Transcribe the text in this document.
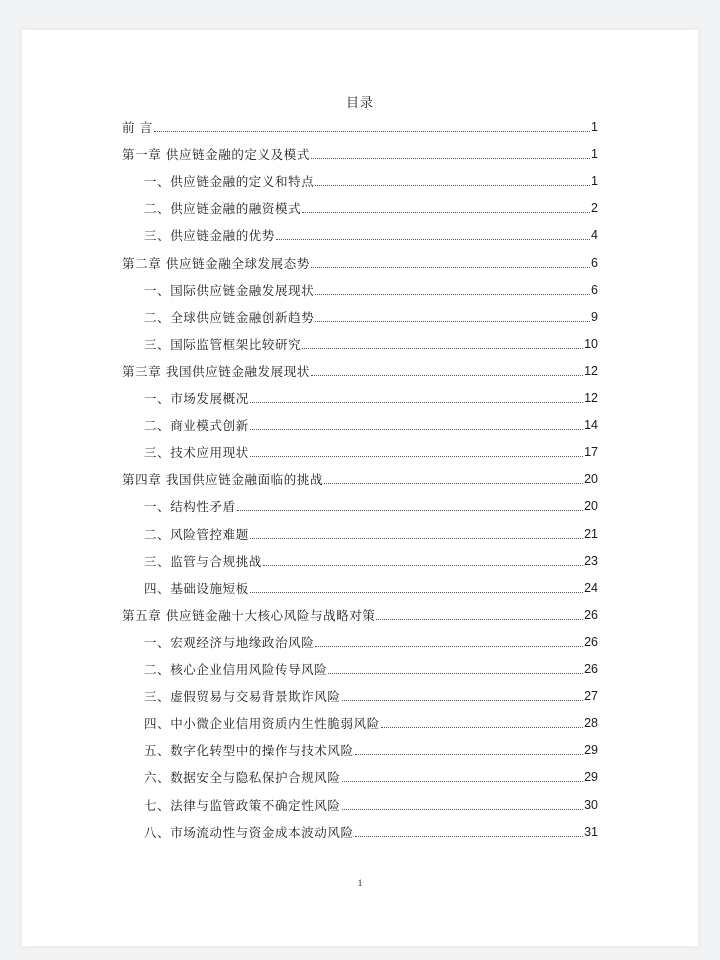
目录
前 言	1
第一章 供应链金融的定义及模式	1
一、供应链金融的定义和特点	1
二、供应链金融的融资模式	2
三、供应链金融的优势	4
第二章 供应链金融全球发展态势	6
一、国际供应链金融发展现状	6
二、全球供应链金融创新趋势	9
三、国际监管框架比较研究	10
第三章 我国供应链金融发展现状	12
一、市场发展概况	12
二、商业模式创新	14
三、技术应用现状	17
第四章 我国供应链金融面临的挑战	20
一、结构性矛盾	20
二、风险管控难题	21
三、监管与合规挑战	23
四、基础设施短板	24
第五章 供应链金融十大核心风险与战略对策	26
一、宏观经济与地缘政治风险	26
二、核心企业信用风险传导风险	26
三、虚假贸易与交易背景欺诈风险	27
四、中小微企业信用资质内生性脆弱风险	28
五、数字化转型中的操作与技术风险	29
六、数据安全与隐私保护合规风险	29
七、法律与监管政策不确定性风险	30
八、市场流动性与资金成本波动风险	31
1
